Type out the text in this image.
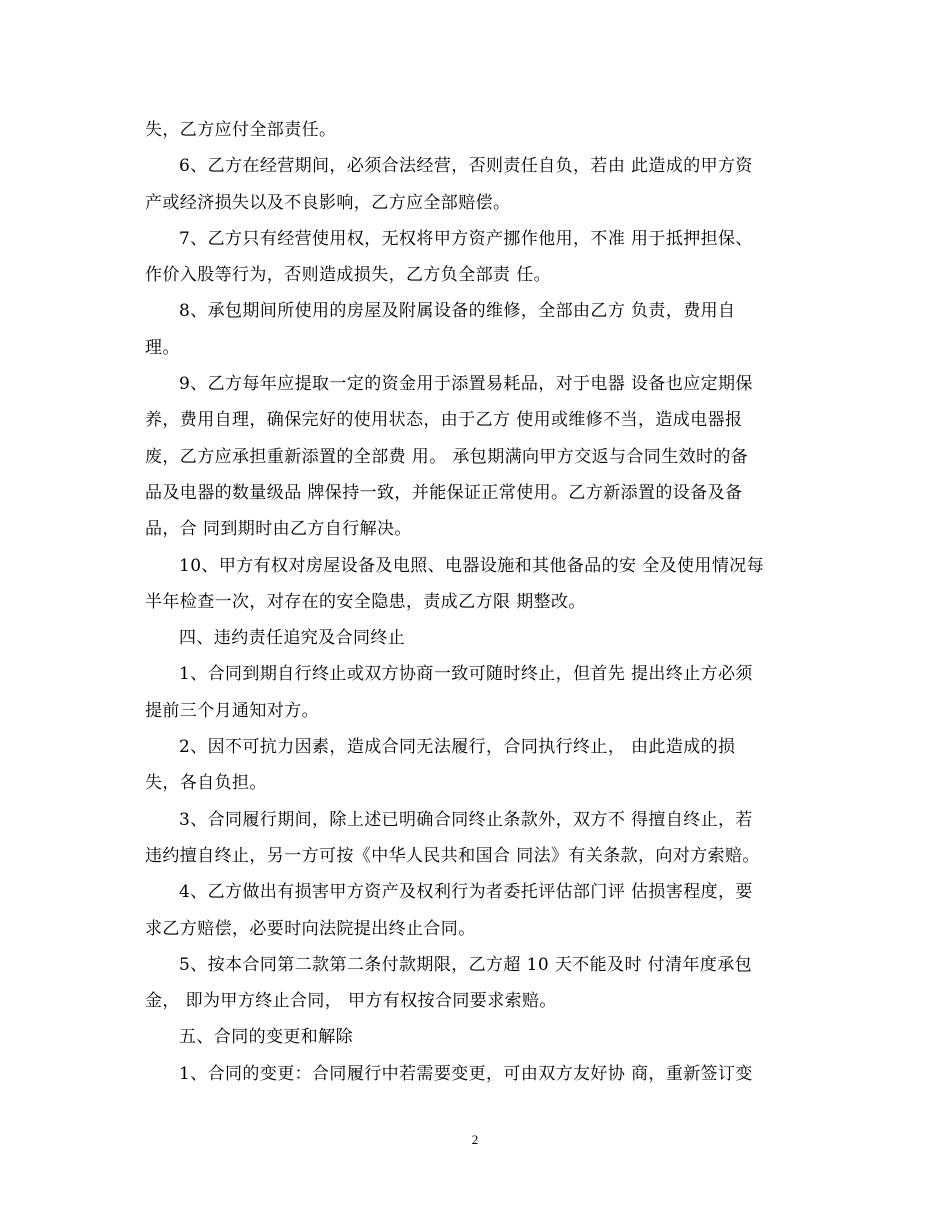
失，乙方应付全部责任。
6、乙方在经营期间，必须合法经营，否则责任自负，若由 此造成的甲方资
产或经济损失以及不良影响，乙方应全部赔偿。
7、乙方只有经营使用权，无权将甲方资产挪作他用，不准 用于抵押担保、
作价入股等行为，否则造成损失，乙方负全部责 任。
8、承包期间所使用的房屋及附属设备的维修，全部由乙方 负责，费用自
理。
9、乙方每年应提取一定的资金用于添置易耗品，对于电器 设备也应定期保
养，费用自理，确保完好的使用状态，由于乙方 使用或维修不当，造成电器报
废，乙方应承担重新添置的全部费 用。 承包期满向甲方交返与合同生效时的备
品及电器的数量级品 牌保持一致，并能保证正常使用。乙方新添置的设备及备
品，合 同到期时由乙方自行解决。
10、甲方有权对房屋设备及电照、电器设施和其他备品的安 全及使用情况每
半年检查一次，对存在的安全隐患，责成乙方限 期整改。
四、违约责任追究及合同终止
1、合同到期自行终止或双方协商一致可随时终止，但首先 提出终止方必须
提前三个月通知对方。
2、因不可抗力因素，造成合同无法履行，合同执行终止， 由此造成的损
失，各自负担。
3、合同履行期间，除上述已明确合同终止条款外，双方不 得擅自终止，若
违约擅自终止，另一方可按《中华人民共和国合 同法》有关条款，向对方索赔。
4、乙方做出有损害甲方资产及权利行为者委托评估部门评 估损害程度，要
求乙方赔偿，必要时向法院提出终止合同。
5、按本合同第二款第二条付款期限，乙方超 10 天不能及时 付清年度承包
金， 即为甲方终止合同， 甲方有权按合同要求索赔。
五、合同的变更和解除
1、合同的变更：合同履行中若需要变更，可由双方友好协 商，重新签订变
2
